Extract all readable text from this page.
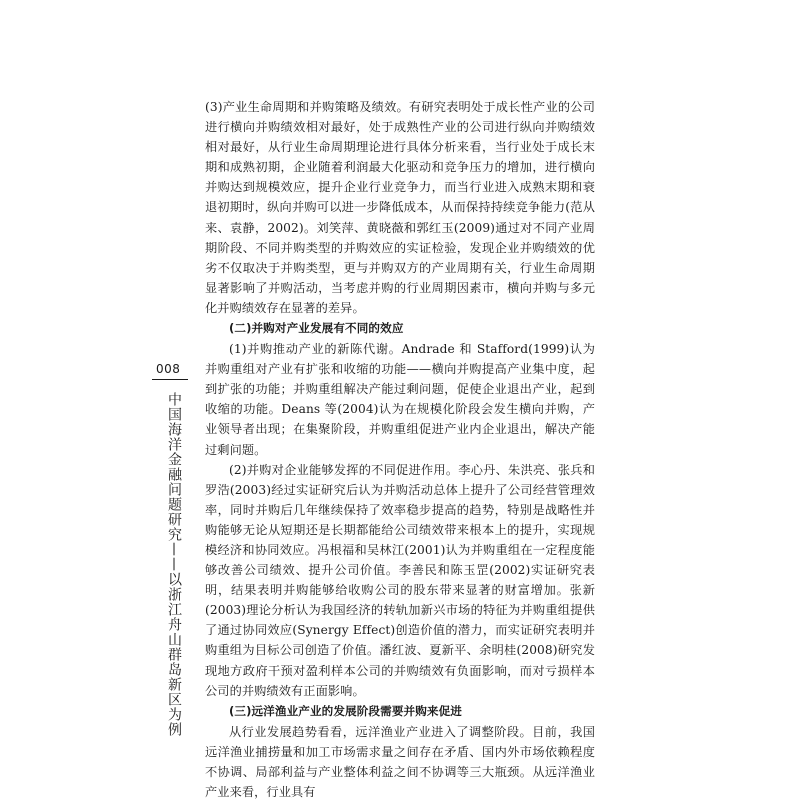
008
中国海洋金融问题研究——以浙江舟山群岛新区为例

(3)产业生命周期和并购策略及绩效。有研究表明处于成长性产业的公司进行横向并购绩效相对最好，处于成熟性产业的公司进行纵向并购绩效相对最好，从行业生命周期理论进行具体分析来看，当行业处于成长末期和成熟初期，企业随着利润最大化驱动和竞争压力的增加，进行横向并购达到规模效应，提升企业行业竞争力，而当行业进入成熟末期和衰退初期时，纵向并购可以进一步降低成本，从而保持持续竞争能力(范从来、袁静，2002)。刘笑萍、黄晓薇和郭红玉(2009)通过对不同产业周期阶段、不同并购类型的并购效应的实证检验，发现企业并购绩效的优劣不仅取决于并购类型，更与并购双方的产业周期有关，行业生命周期显著影响了并购活动，当考虑并购的行业周期因素市，横向并购与多元化并购绩效存在显著的差异。

(二)并购对产业发展有不同的效应

(1)并购推动产业的新陈代谢。Andrade 和 Stafford(1999)认为并购重组对产业有扩张和收缩的功能——横向并购提高产业集中度，起到扩张的功能；并购重组解决产能过剩问题，促使企业退出产业，起到收缩的功能。Deans 等(2004)认为在规模化阶段会发生横向并购，产业领导者出现；在集聚阶段，并购重组促进产业内企业退出，解决产能过剩问题。

(2)并购对企业能够发挥的不同促进作用。李心丹、朱洪亮、张兵和罗浩(2003)经过实证研究后认为并购活动总体上提升了公司经营管理效率，同时并购后几年继续保持了效率稳步提高的趋势，特别是战略性并购能够无论从短期还是长期都能给公司绩效带来根本上的提升，实现规模经济和协同效应。冯根福和吴林江(2001)认为并购重组在一定程度能够改善公司绩效、提升公司价值。李善民和陈玉罡(2002)实证研究表明，结果表明并购能够给收购公司的股东带来显著的财富增加。张新(2003)理论分析认为我国经济的转轨加新兴市场的特征为并购重组提供了通过协同效应(Synergy Effect)创造价值的潜力，而实证研究表明并购重组为目标公司创造了价值。潘红波、夏新平、余明桂(2008)研究发现地方政府干预对盈利样本公司的并购绩效有负面影响，而对亏损样本公司的并购绩效有正面影响。

(三)远洋渔业产业的发展阶段需要并购来促进

从行业发展趋势看看，远洋渔业产业进入了调整阶段。目前，我国远洋渔业捕捞量和加工市场需求量之间存在矛盾、国内外市场依赖程度不协调、局部利益与产业整体利益之间不协调等三大瓶颈。从远洋渔业产业来看，行业具有
